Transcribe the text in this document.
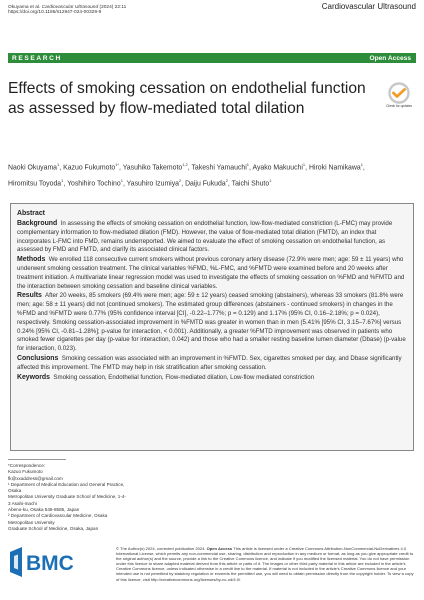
Okuyama et al. Cardiovascular Ultrasound (2024) 22:11
https://doi.org/10.1186/s12947-024-00329-9
Cardiovascular Ultrasound
RESEARCH	Open Access
Effects of smoking cessation on endothelial function as assessed by flow-mediated total dilation	Check for updates
Naoki Okuyama$^1$, Kazuo Fukumoto$^{1*}$, Yasuhiko Takemoto$^{1,2}$, Takeshi Yamauchi$^1$, Ayako Makuuchi$^1$, Hiroki Namikawa$^1$, Hiromitsu Toyoda$^1$, Yoshihiro Tochino$^1$, Yasuhiro Izumiya$^2$, Daiju Fukuda$^2$, Taichi Shuto$^1$
Abstract

Background In assessing the effects of smoking cessation on endothelial function, low-flow-mediated constriction (L-FMC) may provide complementary information to flow-mediated dilation (FMD). However, the value of flow-mediated total dilation (FMTD), an index that incorporates L-FMC into FMD, remains underreported. We aimed to evaluate the effect of smoking cessation on endothelial function, as assessed by FMD and FMTD, and clarify its associated clinical factors.

Methods We enrolled 118 consecutive current smokers without previous coronary artery disease (72.9% were men; age: 59 ± 11 years) who underwent smoking cessation treatment. The clinical variables %FMD, %L-FMC, and %FMTD were examined before and 20 weeks after treatment initiation. A multivariate linear regression model was used to investigate the effects of smoking cessation on %FMD and %FMTD and the interaction between smoking cessation and baseline clinical variables.

Results After 20 weeks, 85 smokers (69.4% were men; age: 59 ± 12 years) ceased smoking (abstainers), whereas 33 smokers (81.8% were men; age: 58 ± 11 years) did not (continued smokers). The estimated group differences (abstainers - continued smokers) in changes in the %FMD and %FMTD were 0.77% (95% confidence interval [CI], -0.22–1.77%; p = 0.129) and 1.17% (95% CI, 0.16–2.18%; p = 0.024), respectively. Smoking cessation-associated improvement in %FMTD was greater in women than in men (5.41% [95% CI, 3.15–7.67%] versus 0.24% [95% CI, -0.81–1.28%]; p-value for interaction, < 0.001). Additionally, a greater %FMTD improvement was observed in patients who smoked fewer cigarettes per day (p-value for interaction, 0.042) and those who had a smaller resting baseline lumen diameter (Dbase) (p-value for interaction, 0.023).

Conclusions Smoking cessation was associated with an improvement in %FMTD. Sex, cigarettes smoked per day, and Dbase significantly affected this improvement. The FMTD may help in risk stratification after smoking cessation.

Keywords Smoking cessation, Endothelial function, Flow-mediated dilation, Low-flow mediated constriction

*Correspondence:
Kazuo Fukumoto
fk@xxaddress@gmail.com
¹ Department of Medical Education and General Practice, Osaka
Metropolitan University Graduate School of Medicine, 1-4-3 Asahi-machi
Abeno-ku, Osaka 545-8585, Japan
² Department of Cardiovascular Medicine, Osaka Metropolitan University
Graduate School of Medicine, Osaka, Japan
BMC
© The Author(s) 2024, corrected publication 2024. Open Access This article is licensed under a Creative Commons Attribution-NonCommercial-NoDerivatives 4.0 International License, which permits any non-commercial use, sharing, distribution and reproduction in any medium or format, as long as you give appropriate credit to the original author(s) and the source, provide a link to the Creative Commons licence, and indicate if you modified the licensed material. You do not have permission under this licence to share adapted material derived from this article or parts of it. The images or other third party material in this article are included in the article's Creative Commons licence, unless indicated otherwise in a credit line to the material. If material is not included in the article's Creative Commons licence and your intended use is not permitted by statutory regulation or exceeds the permitted use, you will need to obtain permission directly from the copyright holder. To view a copy of this licence, visit http://creativecommons.org/licenses/by-nc-nd/4.0/.
